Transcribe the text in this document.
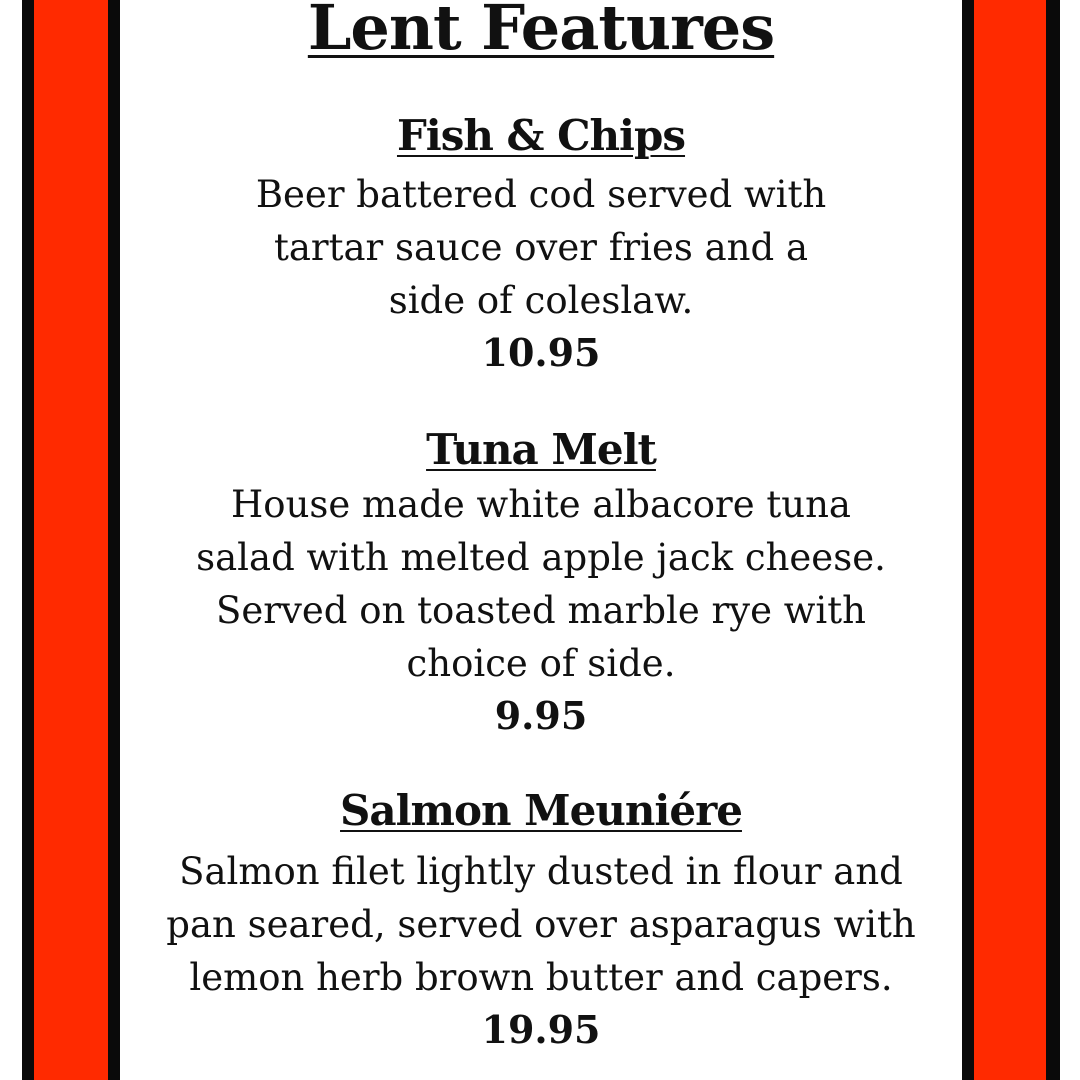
Lent Features
Fish & Chips

Beer battered cod served with
tartar sauce over fries and a
side of coleslaw.

10.95

Tuna Melt

House made white albacore tuna
salad with melted apple jack cheese.
Served on toasted marble rye with
choice of side.

9.95

Salmon Meuniére

Salmon filet lightly dusted in flour and
pan seared, served over asparagus with
lemon herb brown butter and capers.

19.95
